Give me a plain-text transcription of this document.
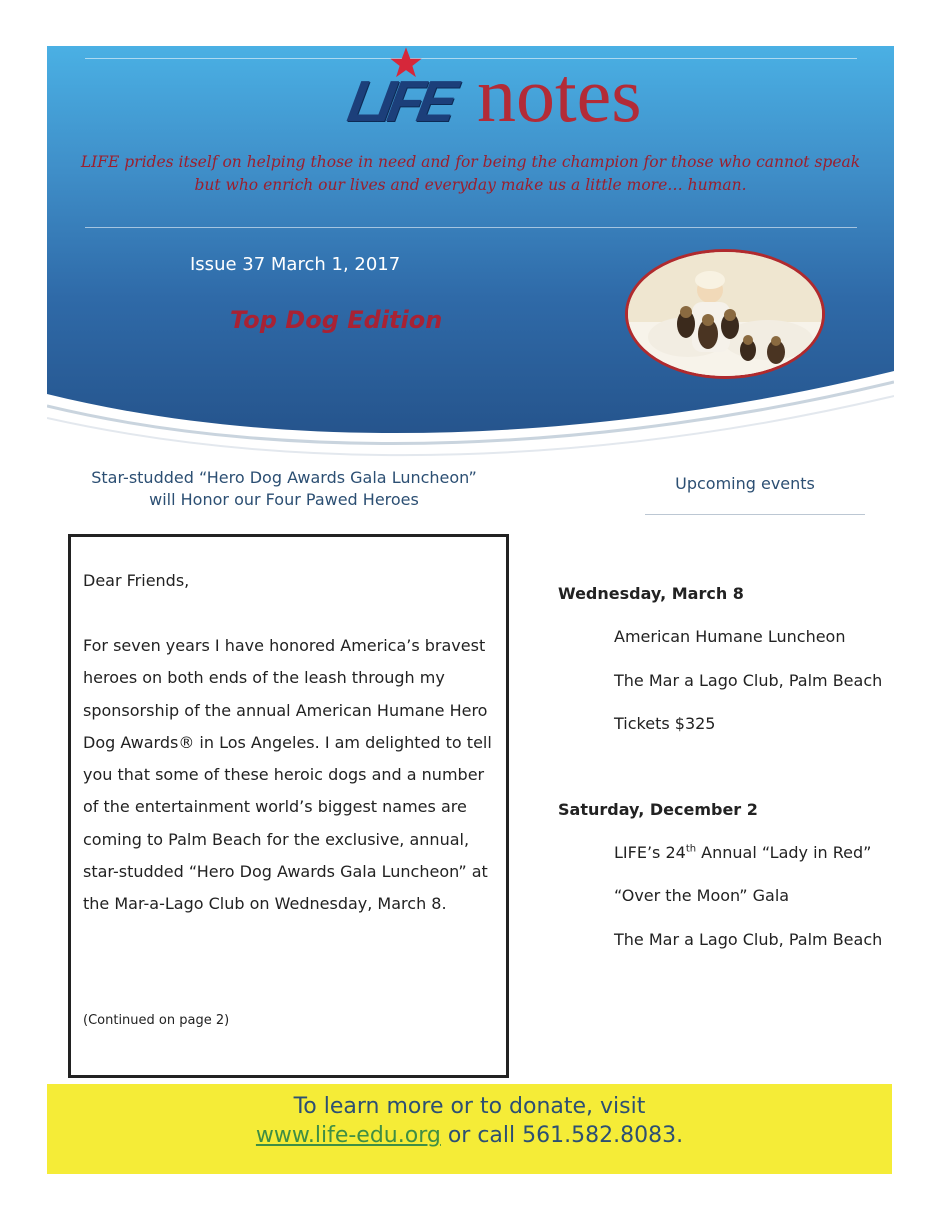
LIFE notes
LIFE prides itself on helping those in need and for being the champion for those who cannot speak
but who enrich our lives and everyday make us a little more… human.
Issue 37 March 1, 2017
Top Dog Edition
Star-studded “Hero Dog Awards Gala Luncheon”
will Honor our Four Pawed Heroes
Upcoming events
Dear Friends,
For seven years I have honored America’s bravest heroes on both ends of the leash through my sponsorship of the annual American Humane Hero Dog Awards® in Los Angeles. I am delighted to tell you that some of these heroic dogs and a number of the entertainment world’s biggest names are coming to Palm Beach for the exclusive, annual, star-studded “Hero Dog Awards Gala Luncheon” at the Mar-a-Lago Club on Wednesday, March 8.
(Continued on page 2)
Wednesday, March 8
American Humane Luncheon
The Mar a Lago Club, Palm Beach
Tickets $325
Saturday, December 2
LIFE’s 24th Annual “Lady in Red”
“Over the Moon” Gala
The Mar a Lago Club, Palm Beach
To learn more or to donate, visit
www.life-edu.org or call 561.582.8083.
